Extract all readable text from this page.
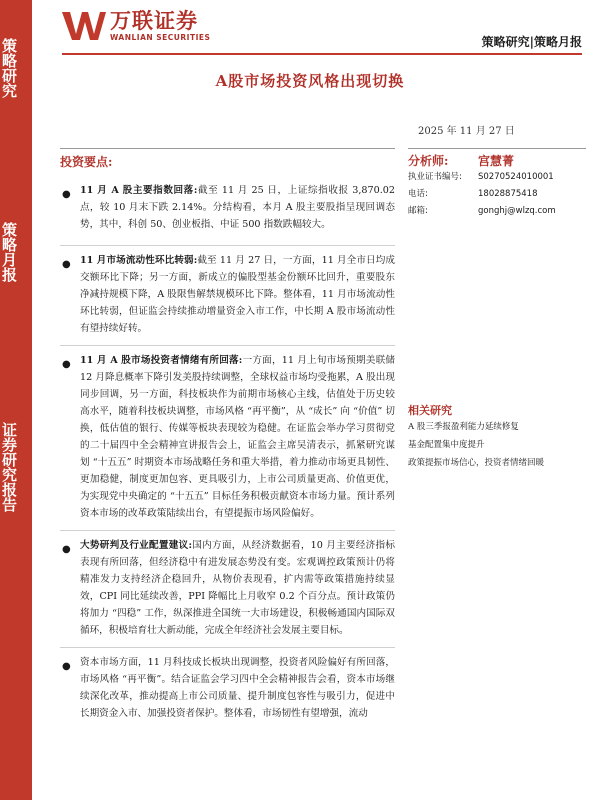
策略研究
策略月报
证券研究报告
万联证券
WANLIAN SECURITIES	策略研究|策略月报
A股市场投资风格出现切换
2025 年 11 月 27 日
投资要点:
● 11 月 A 股主要指数回落:截至 11 月 25 日，上证综指收报 3,870.02 点，较 10 月末下跌 2.14%。分结构看，本月 A 股主要股指呈现回调态势，其中，科创 50、创业板指、中证 500 指数跌幅较大。
● 11 月市场流动性环比转弱:截至 11 月 27 日，一方面，11 月全市日均成交额环比下降；另一方面，新成立的偏股型基金份额环比回升，重要股东净减持规模下降，A 股限售解禁规模环比下降。整体看，11 月市场流动性环比转弱，但证监会持续推动增量资金入市工作，中长期 A 股市场流动性有望持续好转。
● 11 月 A 股市场投资者情绪有所回落:一方面，11 月上旬市场预期美联储 12 月降息概率下降引发美股持续调整，全球权益市场均受拖累，A 股出现同步回调，另一方面，科技板块作为前期市场核心主线，估值处于历史较高水平，随着科技板块调整，市场风格 “再平衡”，从 “成长” 向 “价值” 切换，低估值的银行、传媒等板块表现较为稳健。在证监会举办学习贯彻党的二十届四中全会精神宣讲报告会上，证监会主席吴清表示，抓紧研究谋划 “十五五” 时期资本市场战略任务和重大举措，着力推动市场更具韧性、更加稳健，制度更加包容、更具吸引力，上市公司质量更高、价值更优，为实现党中央确定的 “十五五” 目标任务积极贡献资本市场力量。预计系列资本市场的改革政策陆续出台，有望提振市场风险偏好。
● 大势研判及行业配置建议:国内方面，从经济数据看，10 月主要经济指标表现有所回落，但经济稳中有进发展态势没有变。宏观调控政策预计仍将精准发力支持经济企稳回升，从物价表现看，扩内需等政策措施持续显效，CPI 同比延续改善，PPI 降幅比上月收窄 0.2 个百分点。预计政策仍将加力 “四稳” 工作，纵深推进全国统一大市场建设，积极畅通国内国际双循环，积极培育壮大新动能，完成全年经济社会发展主要目标。
● 资本市场方面，11 月科技成长板块出现调整，投资者风险偏好有所回落，市场风格 “再平衡”。结合证监会学习四中全会精神报告会看，资本市场继续深化改革，推动提高上市公司质量、提升制度包容性与吸引力，促进中长期资金入市、加强投资者保护。整体看，市场韧性有望增强，流动
分析师:	宫慧菁
执业证书编号:	S0270524010001
电话:	18028875418
邮箱:	gonghj@wlzq.com
相关研究
A 股三季报盈利能力延续修复
基金配置集中度提升
政策提振市场信心，投资者情绪回暖
